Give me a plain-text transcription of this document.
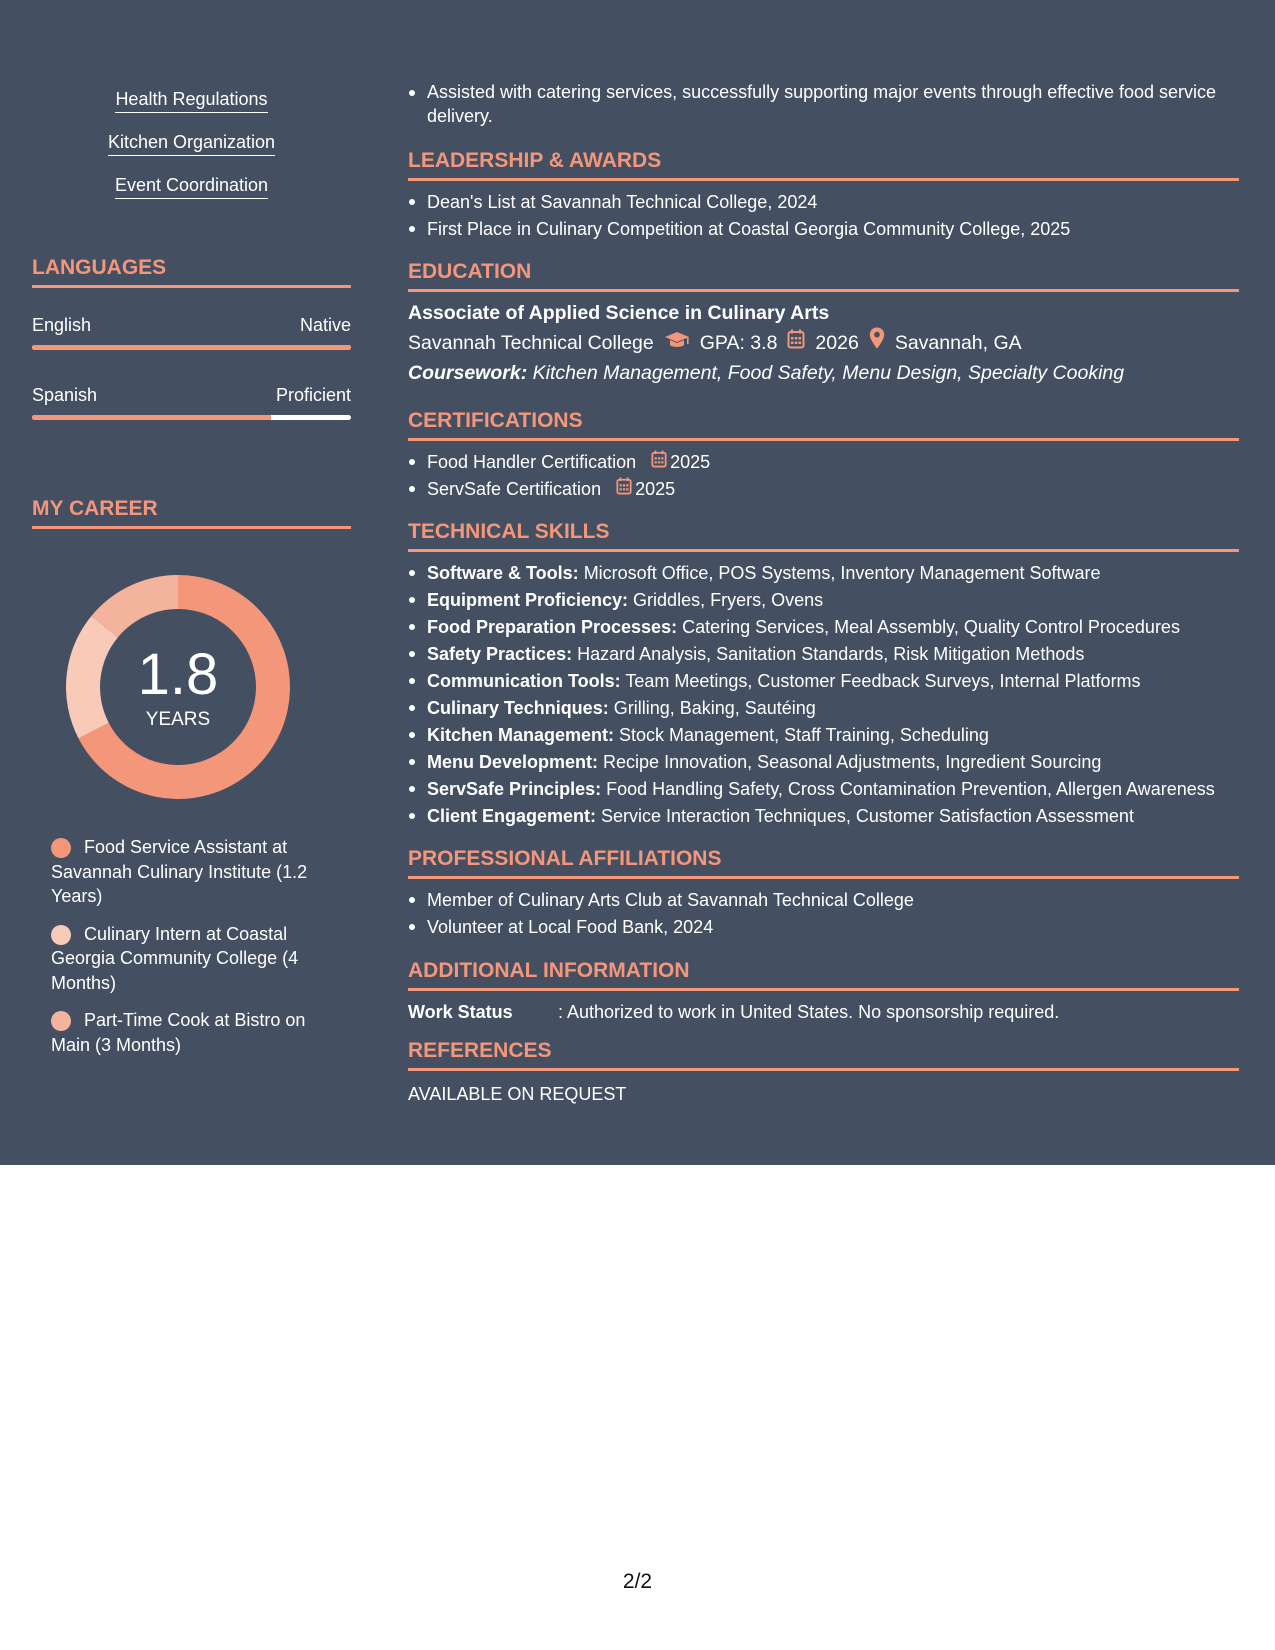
Health Regulations
Kitchen Organization
Event Coordination
LANGUAGES
English	Native
Spanish	Proficient
MY CAREER
1.8
YEARS
Food Service Assistant at Savannah Culinary Institute (1.2 Years)
Culinary Intern at Coastal Georgia Community College (4 Months)
Part-Time Cook at Bistro on Main (3 Months)
Assisted with catering services, successfully supporting major events through effective food service delivery.
LEADERSHIP & AWARDS
Dean's List at Savannah Technical College, 2024
First Place in Culinary Competition at Coastal Georgia Community College, 2025
EDUCATION
Associate of Applied Science in Culinary Arts
Savannah Technical College GPA: 3.8 2026 Savannah, GA
Coursework: Kitchen Management, Food Safety, Menu Design, Specialty Cooking
CERTIFICATIONS
Food Handler Certification 2025
ServSafe Certification 2025
TECHNICAL SKILLS
Software & Tools: Microsoft Office, POS Systems, Inventory Management Software
Equipment Proficiency: Griddles, Fryers, Ovens
Food Preparation Processes: Catering Services, Meal Assembly, Quality Control Procedures
Safety Practices: Hazard Analysis, Sanitation Standards, Risk Mitigation Methods
Communication Tools: Team Meetings, Customer Feedback Surveys, Internal Platforms
Culinary Techniques: Grilling, Baking, Sautéing
Kitchen Management: Stock Management, Staff Training, Scheduling
Menu Development: Recipe Innovation, Seasonal Adjustments, Ingredient Sourcing
ServSafe Principles: Food Handling Safety, Cross Contamination Prevention, Allergen Awareness
Client Engagement: Service Interaction Techniques, Customer Satisfaction Assessment
PROFESSIONAL AFFILIATIONS
Member of Culinary Arts Club at Savannah Technical College
Volunteer at Local Food Bank, 2024
ADDITIONAL INFORMATION
Work Status	: Authorized to work in United States. No sponsorship required.
REFERENCES
AVAILABLE ON REQUEST
2/2
